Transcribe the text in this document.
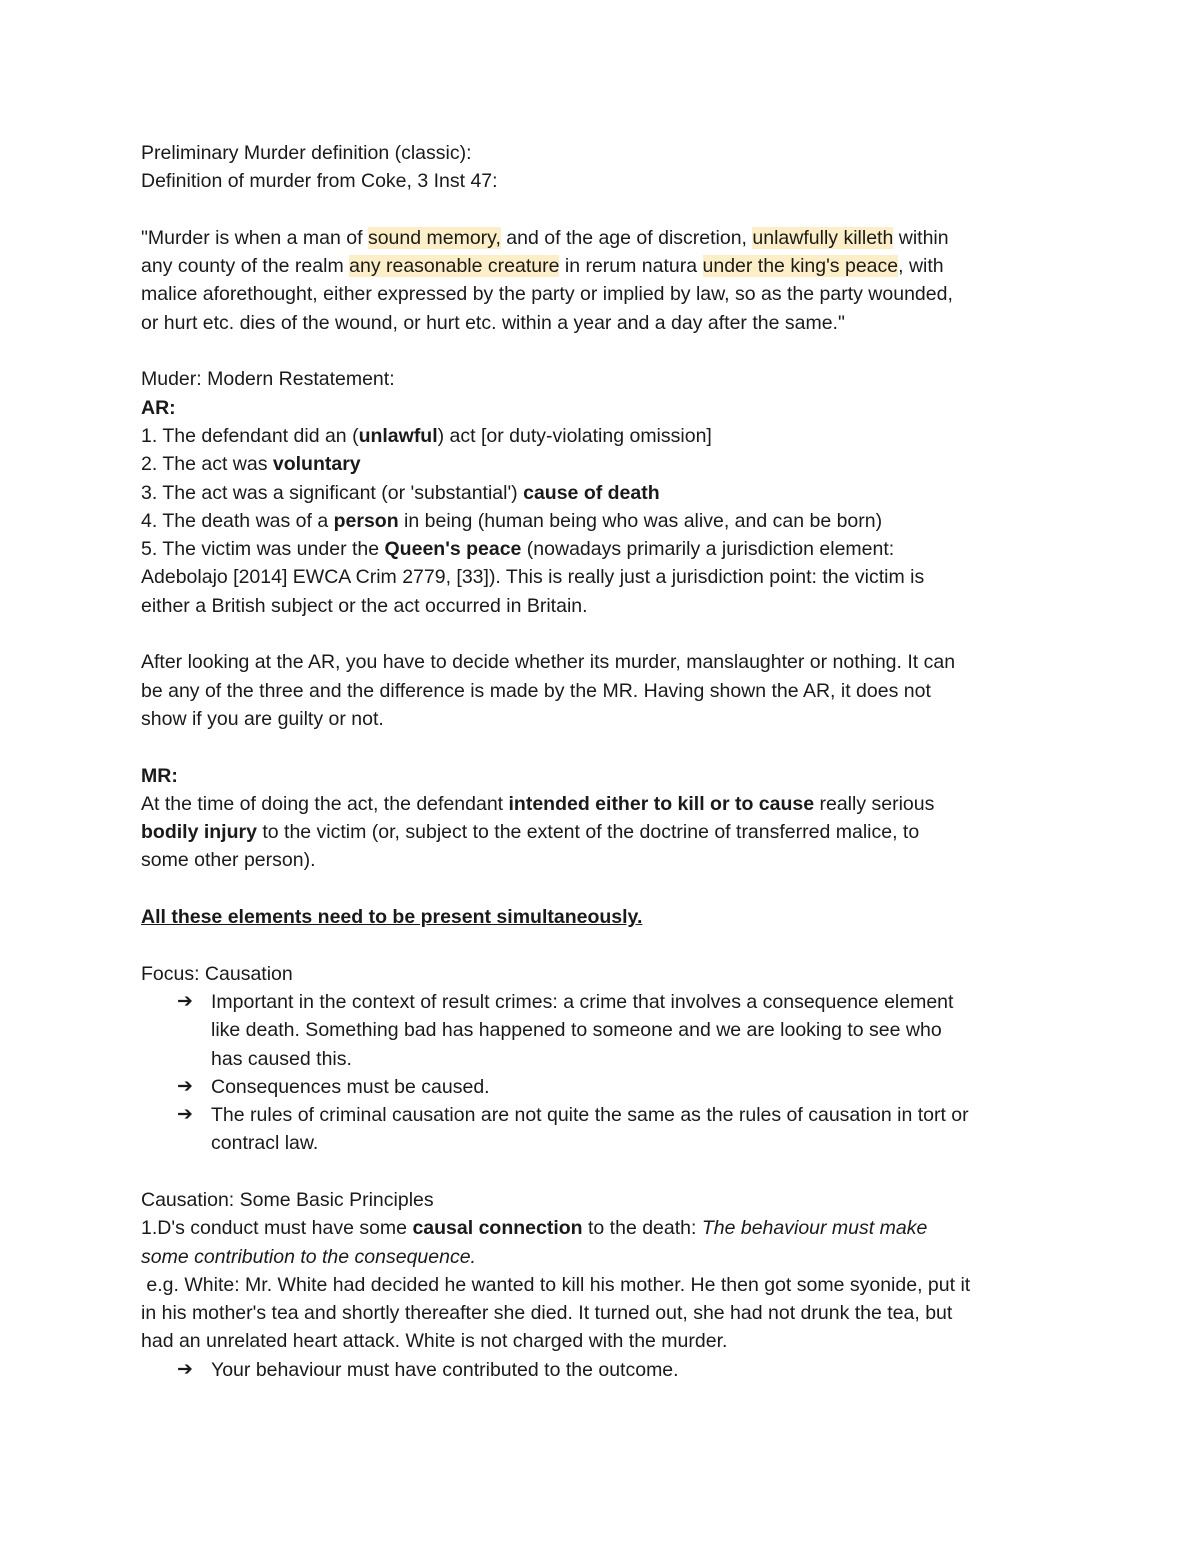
Preliminary Murder definition (classic):
Definition of murder from Coke, 3 Inst 47:
"Murder is when a man of sound memory, and of the age of discretion, unlawfully killeth within
any county of the realm any reasonable creature in rerum natura under the king's peace, with
malice aforethought, either expressed by the party or implied by law, so as the party wounded,
or hurt etc. dies of the wound, or hurt etc. within a year and a day after the same."
Muder: Modern Restatement:
AR:
1. The defendant did an (unlawful) act [or duty-violating omission]
2. The act was voluntary
3. The act was a significant (or 'substantial') cause of death
4. The death was of a person in being (human being who was alive, and can be born)
5. The victim was under the Queen's peace (nowadays primarily a jurisdiction element:
Adebolajo [2014] EWCA Crim 2779, [33]). This is really just a jurisdiction point: the victim is
either a British subject or the act occurred in Britain.
After looking at the AR, you have to decide whether its murder, manslaughter or nothing. It can
be any of the three and the difference is made by the MR. Having shown the AR, it does not
show if you are guilty or not.
MR:
At the time of doing the act, the defendant intended either to kill or to cause really serious
bodily injury to the victim (or, subject to the extent of the doctrine of transferred malice, to
some other person).
All these elements need to be present simultaneously.
Focus: Causation
➔ Important in the context of result crimes: a crime that involves a consequence element
like death. Something bad has happened to someone and we are looking to see who
has caused this.
➔ Consequences must be caused.
➔ The rules of criminal causation are not quite the same as the rules of causation in tort or
contracl law.
Causation: Some Basic Principles
1.D's conduct must have some causal connection to the death: The behaviour must make
some contribution to the consequence.
e.g. White: Mr. White had decided he wanted to kill his mother. He then got some syonide, put it
in his mother's tea and shortly thereafter she died. It turned out, she had not drunk the tea, but
had an unrelated heart attack. White is not charged with the murder.
➔ Your behaviour must have contributed to the outcome.
